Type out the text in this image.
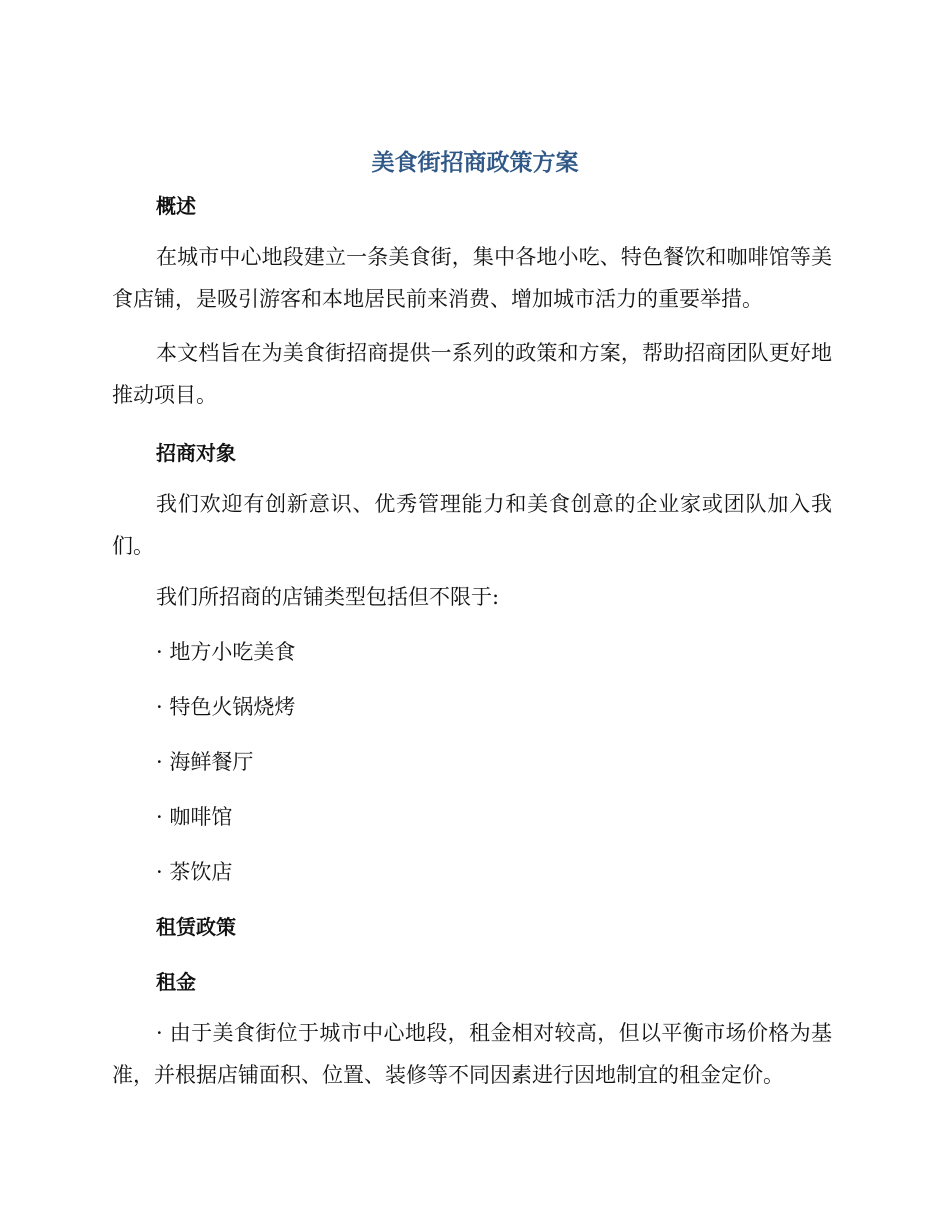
美食街招商政策方案
概述

在城市中心地段建立一条美食街，集中各地小吃、特色餐饮和咖啡馆等美食店铺，是吸引游客和本地居民前来消费、增加城市活力的重要举措。

本文档旨在为美食街招商提供一系列的政策和方案，帮助招商团队更好地推动项目。

招商对象

我们欢迎有创新意识、优秀管理能力和美食创意的企业家或团队加入我们。

我们所招商的店铺类型包括但不限于:

· 地方小吃美食

· 特色火锅烧烤

· 海鲜餐厅

· 咖啡馆

· 茶饮店

租赁政策
租金

· 由于美食街位于城市中心地段，租金相对较高，但以平衡市场价格为基准，并根据店铺面积、位置、装修等不同因素进行因地制宜的租金定价。
